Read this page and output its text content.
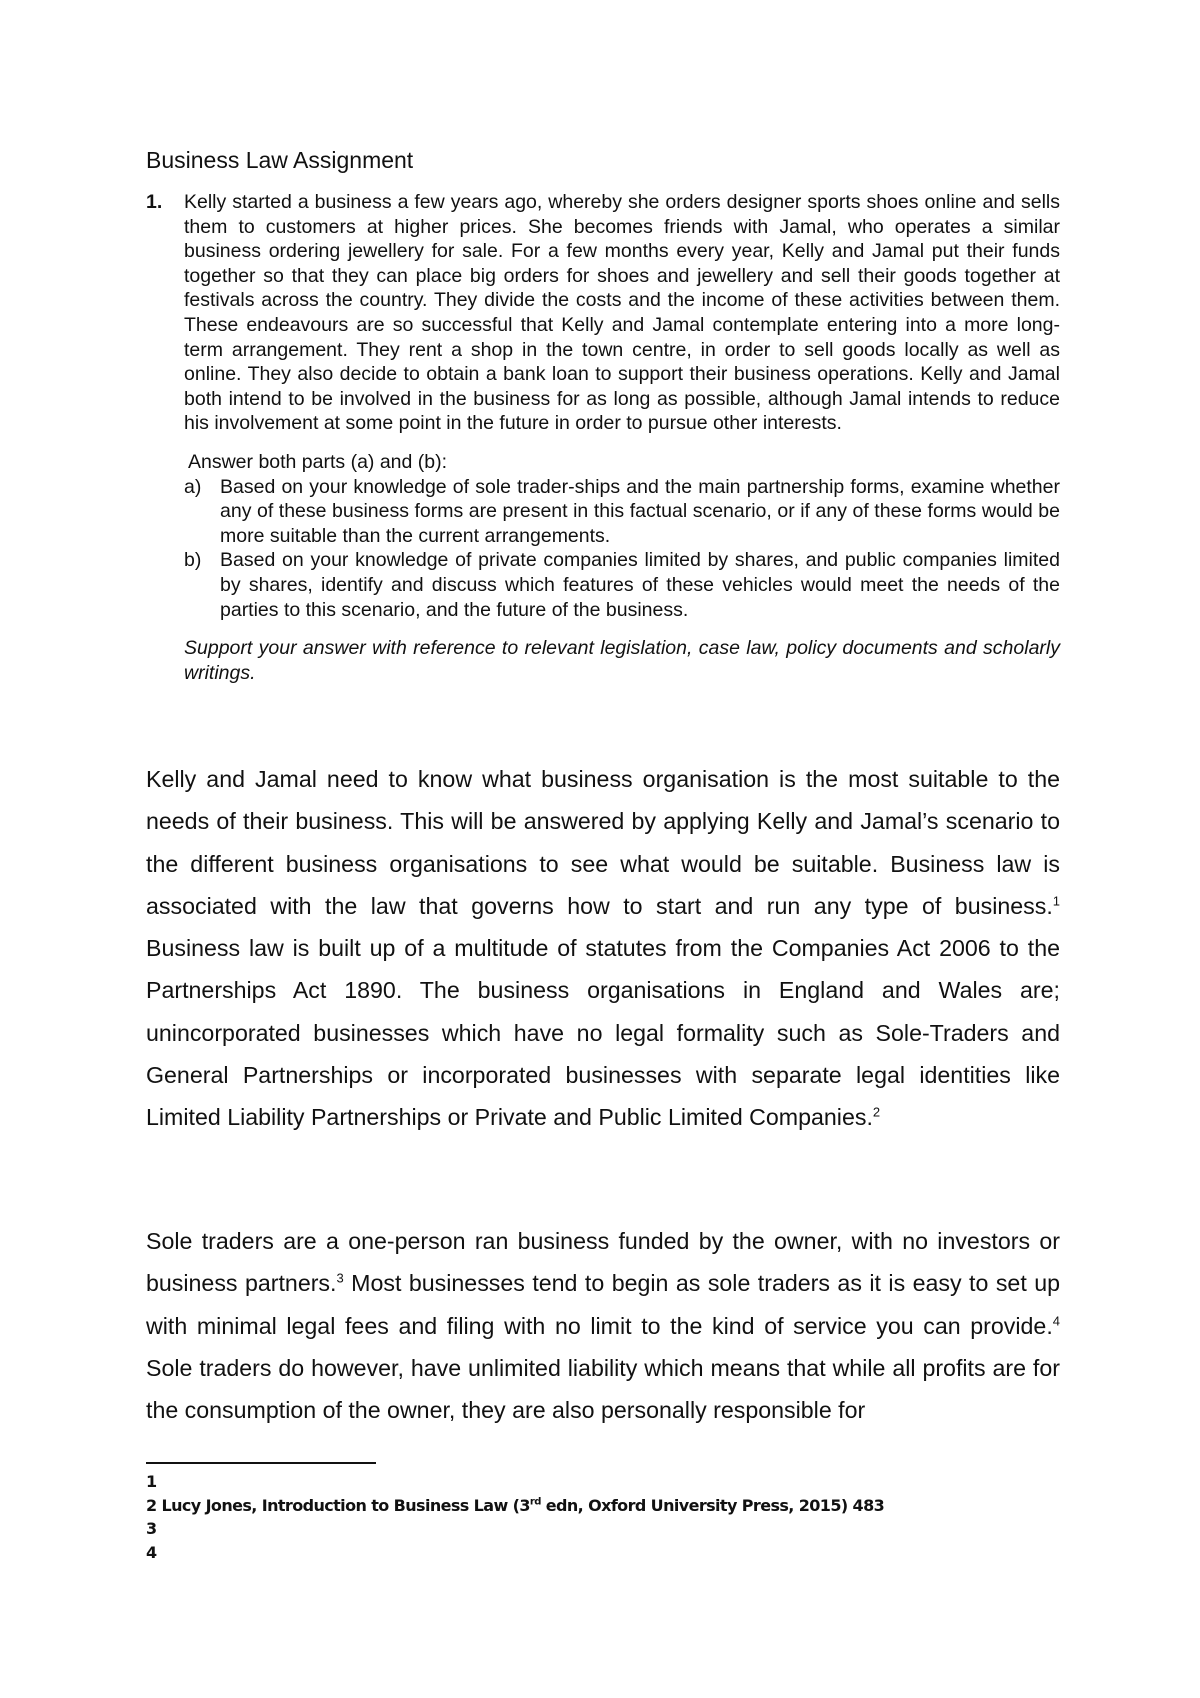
Business Law Assignment
1. Kelly started a business a few years ago, whereby she orders designer sports shoes online and sells them to customers at higher prices. She becomes friends with Jamal, who operates a similar business ordering jewellery for sale. For a few months every year, Kelly and Jamal put their funds together so that they can place big orders for shoes and jewellery and sell their goods together at festivals across the country. They divide the costs and the income of these activities between them. These endeavours are so successful that Kelly and Jamal contemplate entering into a more long-term arrangement. They rent a shop in the town centre, in order to sell goods locally as well as online. They also decide to obtain a bank loan to support their business operations. Kelly and Jamal both intend to be involved in the business for as long as possible, although Jamal intends to reduce his involvement at some point in the future in order to pursue other interests.

Answer both parts (a) and (b):
a) Based on your knowledge of sole trader-ships and the main partnership forms, examine whether any of these business forms are present in this factual scenario, or if any of these forms would be more suitable than the current arrangements.
b) Based on your knowledge of private companies limited by shares, and public companies limited by shares, identify and discuss which features of these vehicles would meet the needs of the parties to this scenario, and the future of the business.

Support your answer with reference to relevant legislation, case law, policy documents and scholarly writings.

Kelly and Jamal need to know what business organisation is the most suitable to the needs of their business. This will be answered by applying Kelly and Jamal’s scenario to the different business organisations to see what would be suitable. Business law is associated with the law that governs how to start and run any type of business.$^1$ Business law is built up of a multitude of statutes from the Companies Act 2006 to the Partnerships Act 1890. The business organisations in England and Wales are; unincorporated businesses which have no legal formality such as Sole-Traders and General Partnerships or incorporated businesses with separate legal identities like Limited Liability Partnerships or Private and Public Limited Companies.$^2$

Sole traders are a one-person ran business funded by the owner, with no investors or business partners.$^3$ Most businesses tend to begin as sole traders as it is easy to set up with minimal legal fees and filing with no limit to the kind of service you can provide.$^4$ Sole traders do however, have unlimited liability which means that while all profits are for the consumption of the owner, they are also personally responsible for

1
2 Lucy Jones, Introduction to Business Law (3rd edn, Oxford University Press, 2015) 483
3
4
